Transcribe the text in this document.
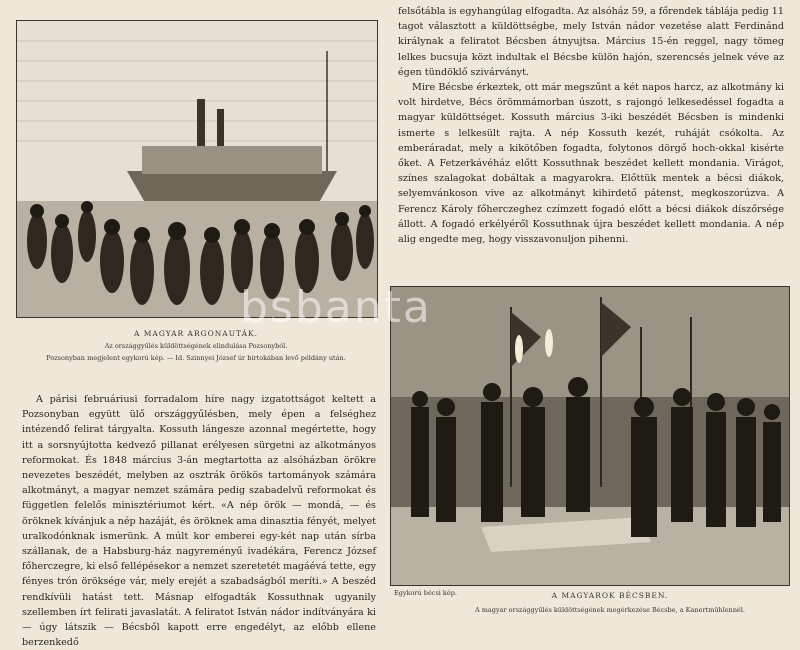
A MAGYAR ARGONAUTÁK.
Az országgyűlés küldöttségének elindulása Pozsonyból.
Pozsonyban megjelent egykorú kép. — Id. Szinnyei József úr birtokában levő példány után.

A párisi februáriusi forradalom híre nagy izgatottságot keltett a Pozsonyban együtt ülő országgyűlésben, mely épen a felséghez intézendő felirat tárgyalta. Kossuth lángesze azonnal megértette, hogy itt a sorsnyújtotta kedvező pillanat erélyesen sürgetni az alkotmányos reformokat. És 1848 március 3-án megtartotta az alsóházban örökre nevezetes beszédét, melyben az osztrák örökös tartományok számára alkotmányt, a magyar nemzet számára pedig szabadelvű reformokat és független felelős minisztériumot kért. «A nép örök — mondá, — és öröknek kívánjuk a nép hazáját, és öröknek ama dinasztia fényét, melyet uralkodónknak ismerünk. A múlt kor emberei egy-két nap után sírba szállanak, de a Habsburg-ház nagyreményű ivadékára, Ferencz József főherczegre, ki első fellépésekor a nemzet szeretetét magáévá tette, egy fényes trón öröksége vár, mely erejét a szabadságból meríti.» A beszéd rendkívüli hatást tett. Másnap elfogadták Kossuthnak ugyanily szellemben írt felirati javaslatát. A feliratot István nádor indítványára ki — úgy látszik — Bécsből kapott erre engedélyt, az előbb ellene berzenkedő

felsőtábla is egyhangúlag elfogadta. Az alsóház 59, a főrendek táblája pedig 11 tagot választott a küldöttségbe, mely István nádor vezetése alatt Ferdinánd királynak a feliratot Bécsben átnyujtsa. Március 15-én reggel, nagy tömeg lelkes bucsuja közt indultak el Bécsbe külön hajón, szerencsés jelnek véve az égen tündöklő szivárványt.

Mire Bécsbe érkeztek, ott már megszűnt a két napos harcz, az alkotmány ki volt hirdetve, Bécs örömmámorban úszott, s rajongó lelkesedéssel fogadta a magyar küldöttséget. Kossuth március 3-iki beszédét Bécsben is mindenki ismerte s lelkesült rajta. A nép Kossuth kezét, ruháját csókolta. Az emberáradat, mely a kikötőben fogadta, folytonos dörgő hoch-okkal kisérte őket. A Fetzerkávéház előtt Kossuthnak beszédet kellett mondania. Virágot, színes szalagokat dobáltak a magyarokra. Előttük mentek a bécsi diákok, selyemvánkoson vive az alkotmányt kihirdető pátenst, megkoszorúzva. A Ferencz Károly főherczeghez czímzett fogadó előtt a bécsi diákok díszőrsége állott. A fogadó erkélyéről Kossuthnak újra beszédet kellett mondania. A nép alig engedte meg, hogy visszavonuljon pihenni.

Egykorú bécsi kép.	A MAGYAROK BÉCSBEN.
A magyar országgyűlés küldöttségének megérkezése Bécsbe, a Kanertmühlennél.
bsbanta
